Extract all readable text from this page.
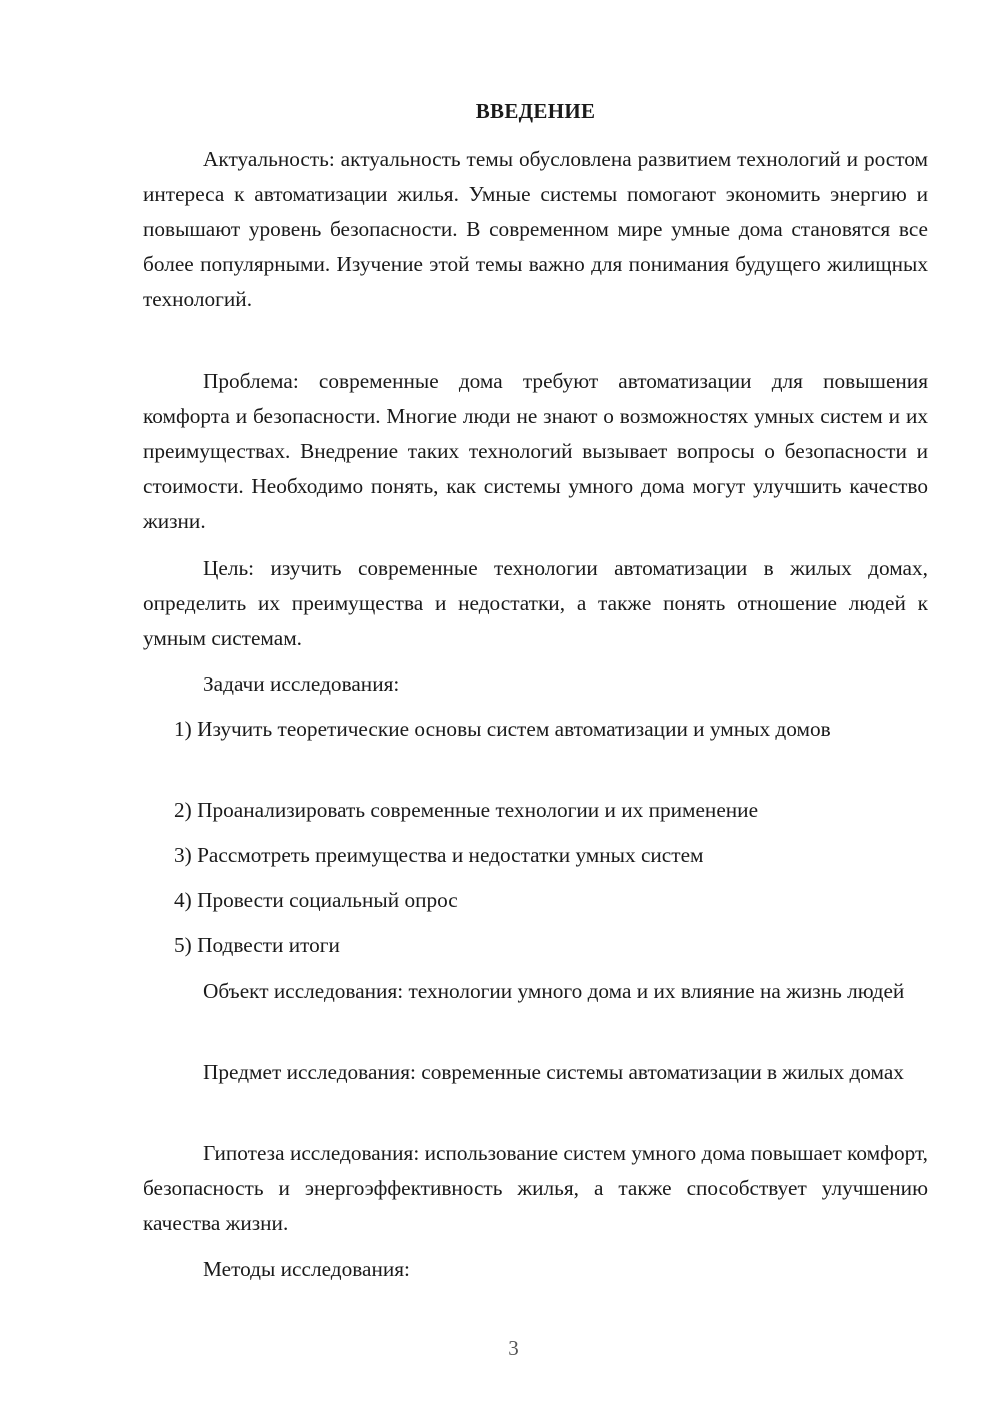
ВВЕДЕНИЕ

Актуальность: актуальность темы обусловлена развитием технологий и ростом интереса к автоматизации жилья. Умные системы помогают экономить энергию и повышают уровень безопасности. В современном мире умные дома становятся все более популярными. Изучение этой темы важно для понимания будущего жилищных технологий.

Проблема: современные дома требуют автоматизации для повышения комфорта и безопасности. Многие люди не знают о возможностях умных систем и их преимуществах. Внедрение таких технологий вызывает вопросы о безопасности и стоимости. Необходимо понять, как системы умного дома могут улучшить качество жизни.

Цель: изучить современные технологии автоматизации в жилых домах, определить их преимущества и недостатки, а также понять отношение людей к умным системам.

Задачи исследования:

1) Изучить теоретические основы систем автоматизации и умных домов

2) Проанализировать современные технологии и их применение

3) Рассмотреть преимущества и недостатки умных систем

4) Провести социальный опрос

5) Подвести итоги

Объект исследования: технологии умного дома и их влияние на жизнь людей

Предмет исследования: современные системы автоматизации в жилых домах

Гипотеза исследования: использование систем умного дома повышает комфорт, безопасность и энергоэффективность жилья, а также способствует улучшению качества жизни.

Методы исследования:

3
